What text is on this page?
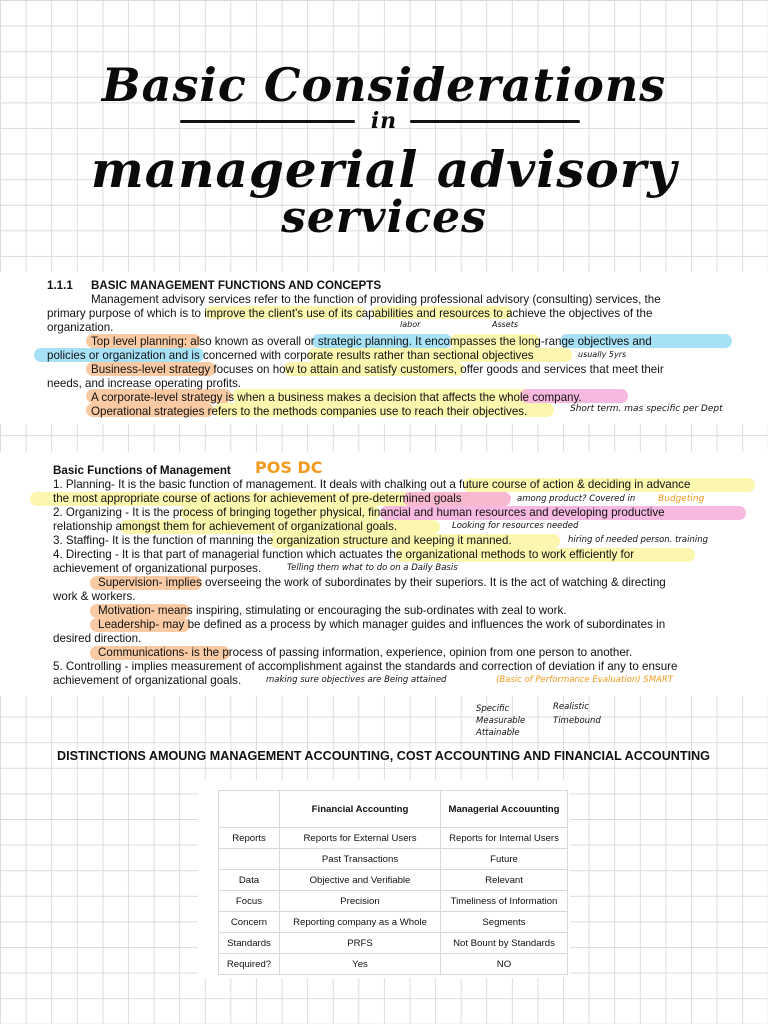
Basic Considerations
in
managerial advisory
services
1.1.1 BASIC MANAGEMENT FUNCTIONS AND CONCEPTS
Management advisory services refer to the function of providing professional advisory (consulting) services, the
primary purpose of which is to improve the client's use of its capabilities and resources to achieve the objectives of the
organization.
Top level planning: also known as overall or strategic planning. It encompasses the long-range objectives and
policies or organization and is concerned with corporate results rather than sectional objectives
Business-level strategy focuses on how to attain and satisfy customers, offer goods and services that meet their
needs, and increase operating profits.
A corporate-level strategy is when a business makes a decision that affects the whole company.
Operational strategies refers to the methods companies use to reach their objectives.
labor	Assets
usually 5yrs
Short term. mas specific per Dept
Basic Functions of Management POS DC
1. Planning- It is the basic function of management. It deals with chalking out a future course of action & deciding in advance
the most appropriate course of actions for achievement of pre-determined goals
2. Organizing - It is the process of bringing together physical, financial and human resources and developing productive
relationship amongst them for achievement of organizational goals.
3. Staffing- It is the function of manning the organization structure and keeping it manned.
4. Directing - It is that part of managerial function which actuates the organizational methods to work efficiently for
achievement of organizational purposes.
Supervision- implies overseeing the work of subordinates by their superiors. It is the act of watching & directing
work & workers.
Motivation- means inspiring, stimulating or encouraging the sub-ordinates with zeal to work.
Leadership- may be defined as a process by which manager guides and influences the work of subordinates in
desired direction.
Communications- is the process of passing information, experience, opinion from one person to another.
5. Controlling - implies measurement of accomplishment against the standards and correction of deviation if any to ensure
achievement of organizational goals.
among product? Covered in	Budgeting
Looking for resources needed
hiring of needed person. training
Telling them what to do on a Daily Basis
making sure objectives are Being attained	(Basic of Performance Evaluation) SMART
Specific
Measurable
Attainable
Realistic
Timebound
DISTINCTIONS AMOUNG MANAGEMENT ACCOUNTING, COST ACCOUNTING AND FINANCIAL ACCOUNTING
	Financial Accounting	Managerial Accouunting
Reports	Reports for External Users	Reports for Internal Users
	Past Transactions	Future
Data	Objective and Verifiable	Relevant
Focus	Precision	Timeliness of Information
Concern	Reporting company as a Whole	Segments
Standards	PRFS	Not Bount by Standards
Required?	Yes	NO
